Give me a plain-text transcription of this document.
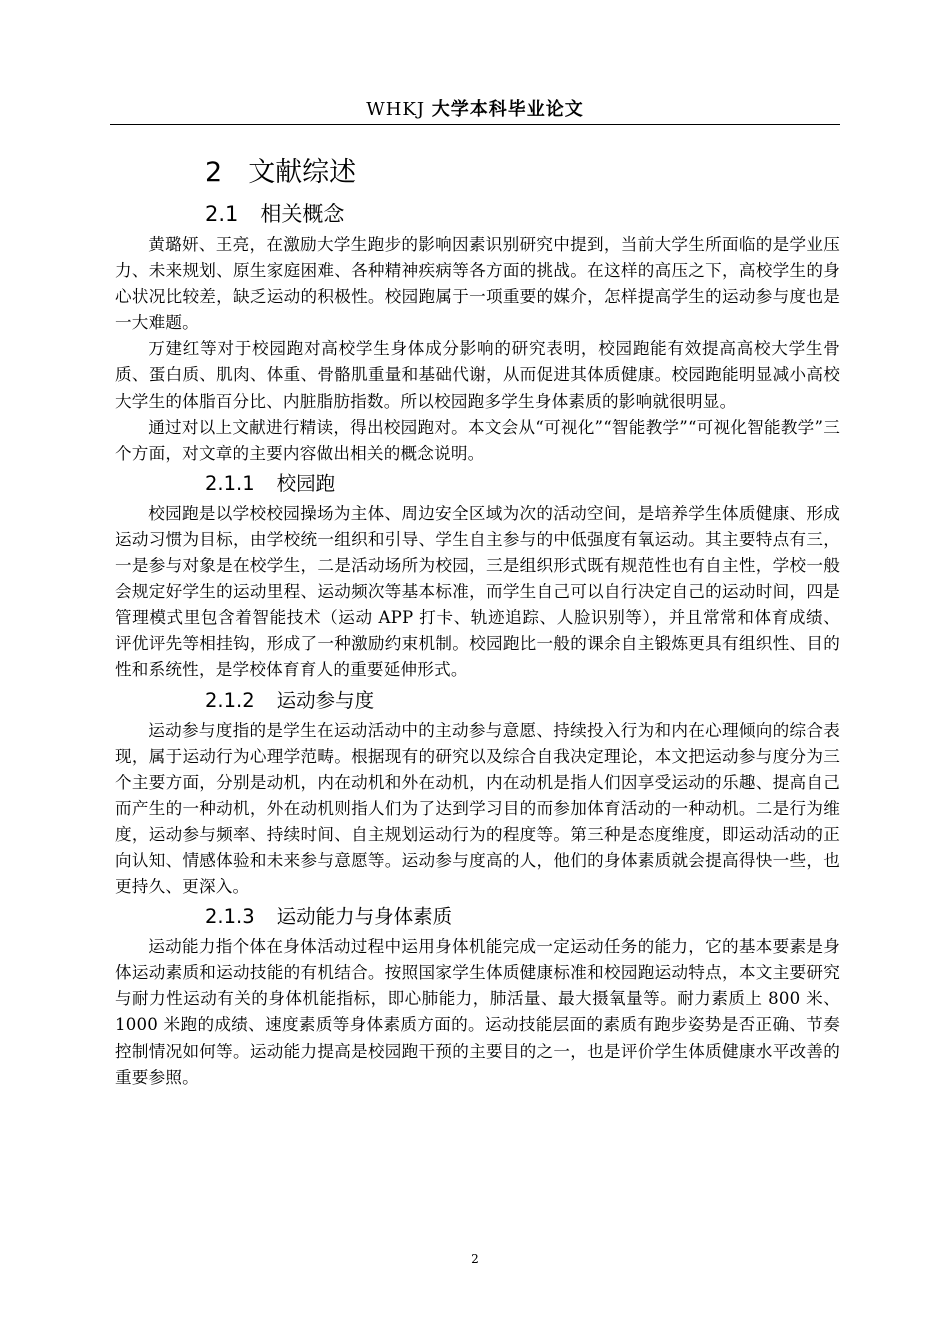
WHKJ 大学本科毕业论文
2 文献综述
2.1 相关概念

黄璐妍、王亮，在激励大学生跑步的影响因素识别研究中提到，当前大学生所面临的是学业压力、未来规划、原生家庭困难、各种精神疾病等各方面的挑战。在这样的高压之下，高校学生的身心状况比较差，缺乏运动的积极性。校园跑属于一项重要的媒介，怎样提高学生的运动参与度也是一大难题。

万建红等对于校园跑对高校学生身体成分影响的研究表明，校园跑能有效提高高校大学生骨质、蛋白质、肌肉、体重、骨骼肌重量和基础代谢，从而促进其体质健康。校园跑能明显减小高校大学生的体脂百分比、内脏脂肪指数。所以校园跑多学生身体素质的影响就很明显。

通过对以上文献进行精读，得出校园跑对。本文会从“可视化”“智能教学”“可视化智能教学”三个方面，对文章的主要内容做出相关的概念说明。

2.1.1 校园跑

校园跑是以学校校园操场为主体、周边安全区域为次的活动空间，是培养学生体质健康、形成运动习惯为目标，由学校统一组织和引导、学生自主参与的中低强度有氧运动。其主要特点有三，一是参与对象是在校学生，二是活动场所为校园，三是组织形式既有规范性也有自主性，学校一般会规定好学生的运动里程、运动频次等基本标准，而学生自己可以自行决定自己的运动时间，四是管理模式里包含着智能技术（运动 APP 打卡、轨迹追踪、人脸识别等），并且常常和体育成绩、评优评先等相挂钩，形成了一种激励约束机制。校园跑比一般的课余自主锻炼更具有组织性、目的性和系统性，是学校体育育人的重要延伸形式。

2.1.2 运动参与度

运动参与度指的是学生在运动活动中的主动参与意愿、持续投入行为和内在心理倾向的综合表现，属于运动行为心理学范畴。根据现有的研究以及综合自我决定理论，本文把运动参与度分为三个主要方面，分别是动机，内在动机和外在动机，内在动机是指人们因享受运动的乐趣、提高自己而产生的一种动机，外在动机则指人们为了达到学习目的而参加体育活动的一种动机。二是行为维度，运动参与频率、持续时间、自主规划运动行为的程度等。第三种是态度维度，即运动活动的正向认知、情感体验和未来参与意愿等。运动参与度高的人，他们的身体素质就会提高得快一些，也更持久、更深入。

2.1.3 运动能力与身体素质

运动能力指个体在身体活动过程中运用身体机能完成一定运动任务的能力，它的基本要素是身体运动素质和运动技能的有机结合。按照国家学生体质健康标准和校园跑运动特点，本文主要研究与耐力性运动有关的身体机能指标，即心肺能力，肺活量、最大摄氧量等。耐力素质上 800 米、1000 米跑的成绩、速度素质等身体素质方面的。运动技能层面的素质有跑步姿势是否正确、节奏控制情况如何等。运动能力提高是校园跑干预的主要目的之一，也是评价学生体质健康水平改善的重要参照。

2
